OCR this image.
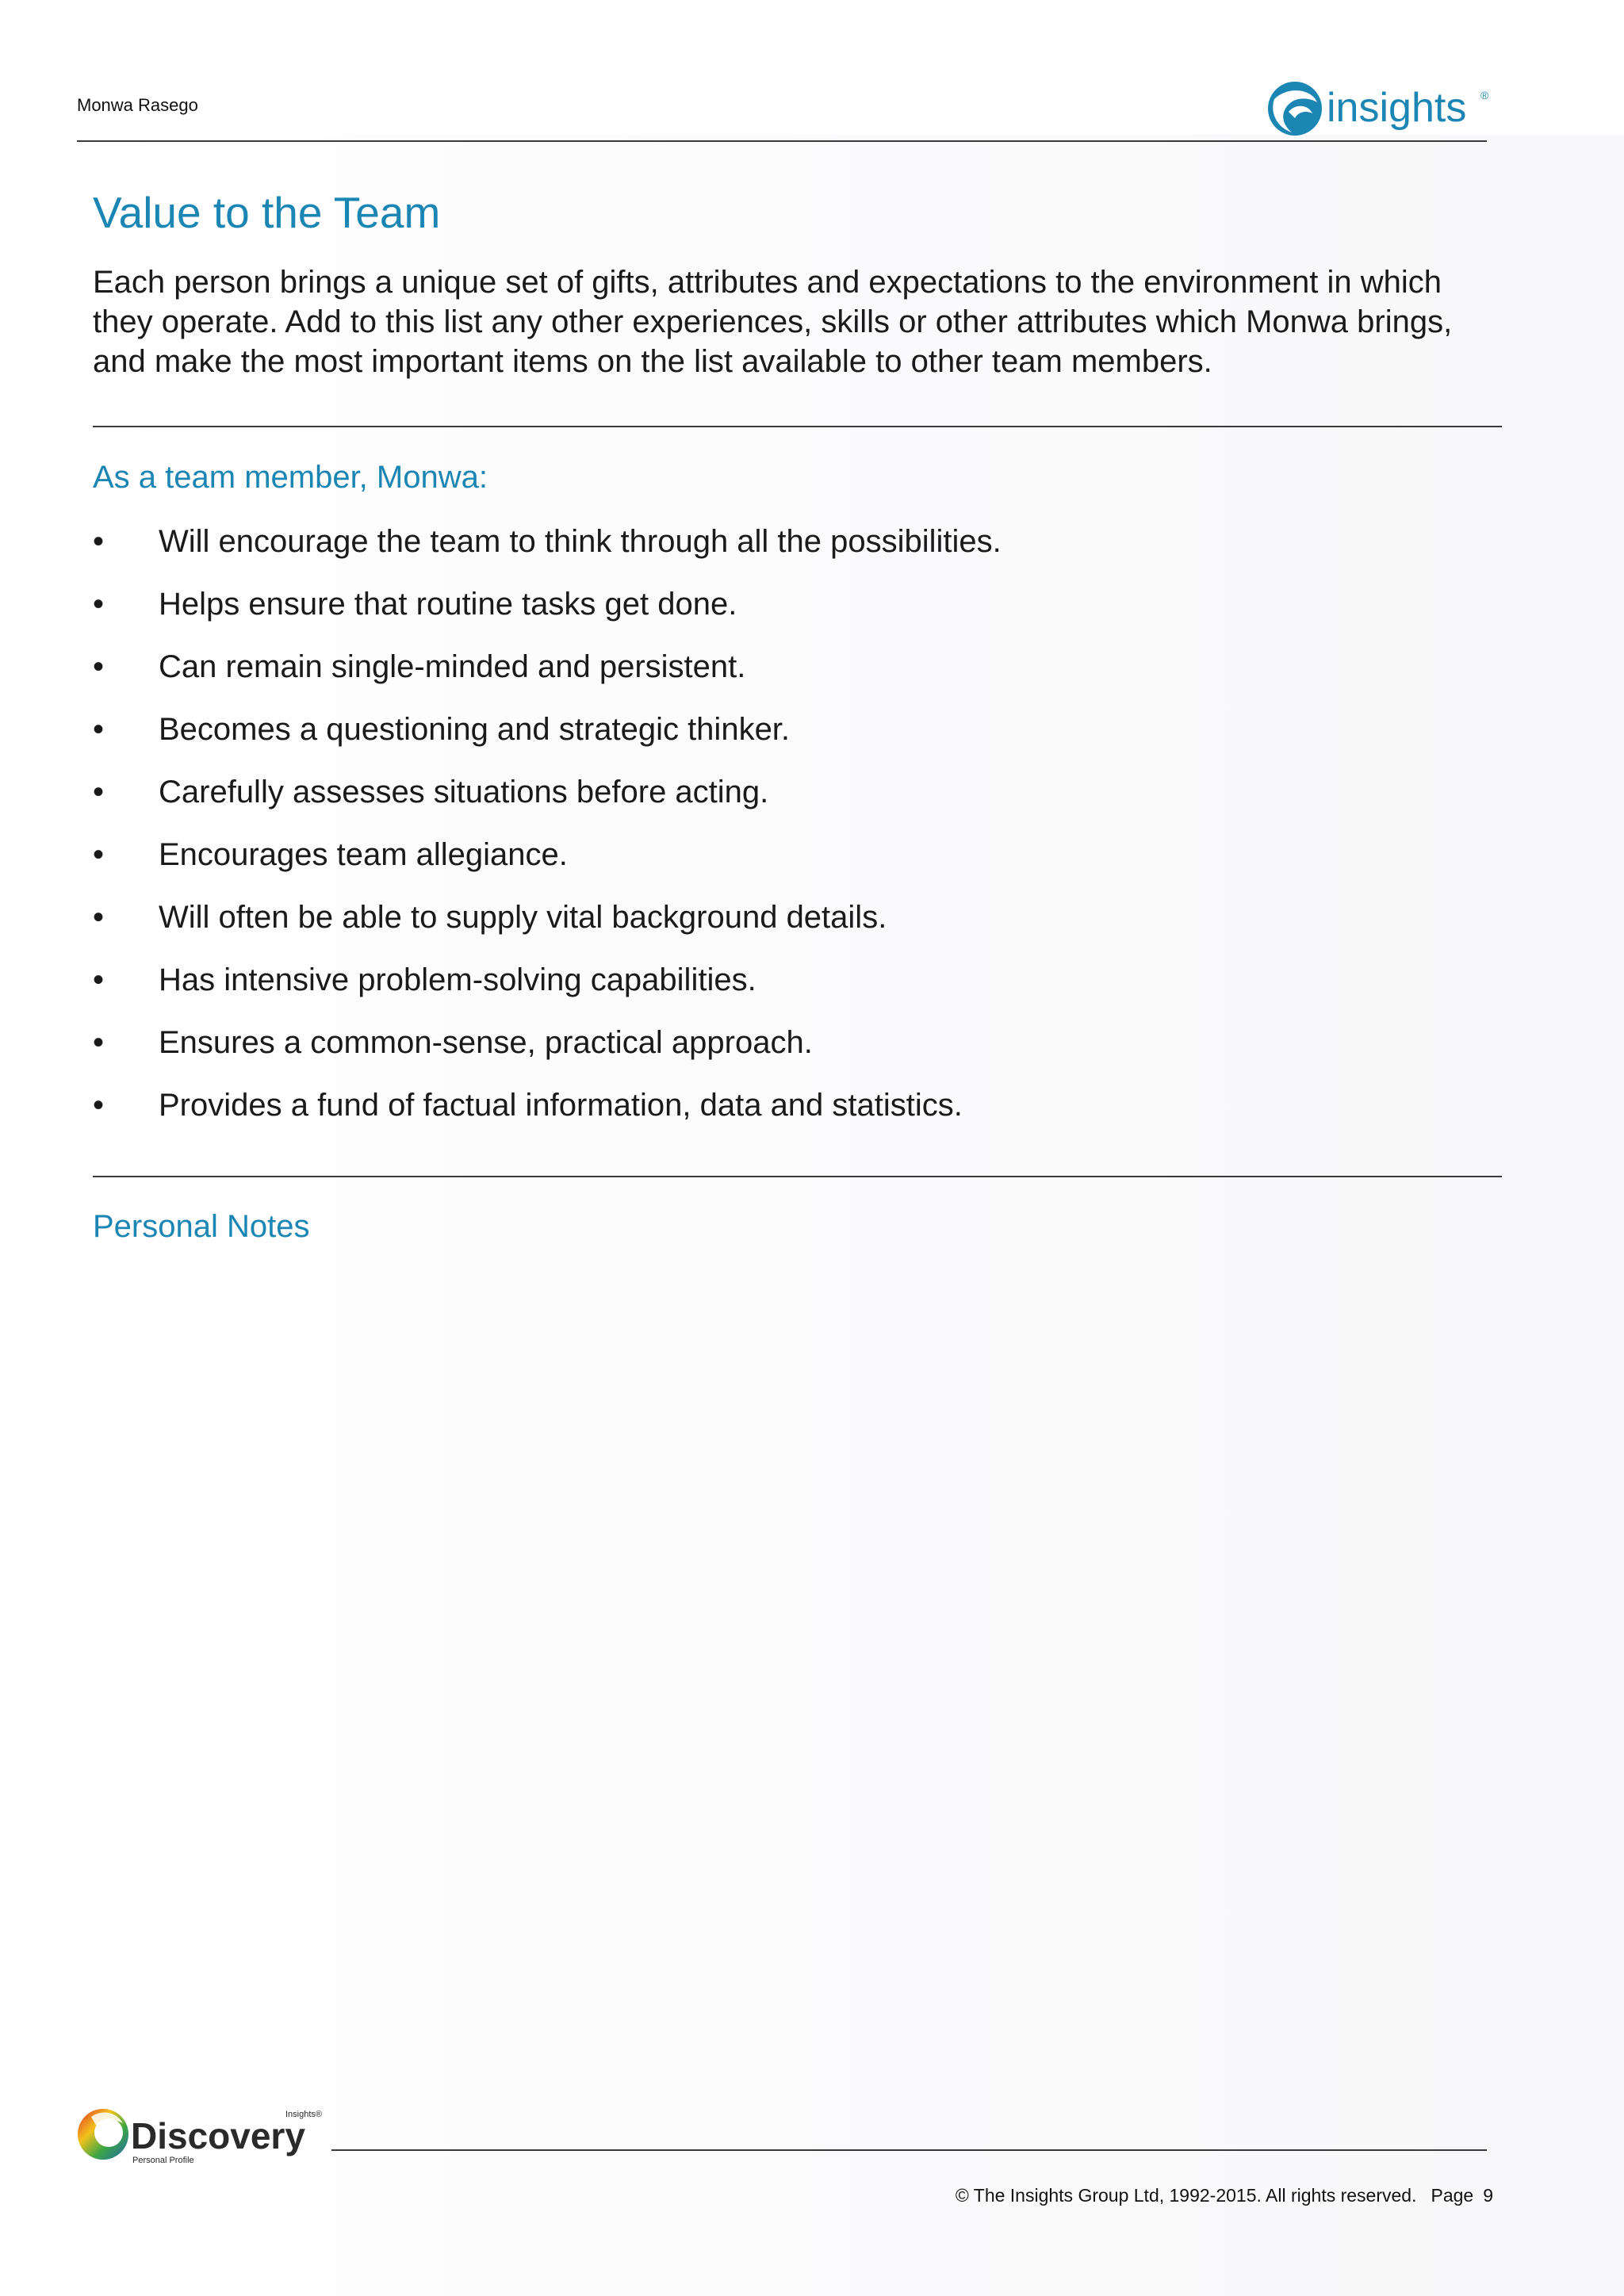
Monwa Rasego	insights ®
Value to the Team

Each person brings a unique set of gifts, attributes and expectations to the environment in which they operate. Add to this list any other experiences, skills or other attributes which Monwa brings, and make the most important items on the list available to other team members.

As a team member, Monwa:
•	Will encourage the team to think through all the possibilities.
•	Helps ensure that routine tasks get done.
•	Can remain single-minded and persistent.
•	Becomes a questioning and strategic thinker.
•	Carefully assesses situations before acting.
•	Encourages team allegiance.
•	Will often be able to supply vital background details.
•	Has intensive problem-solving capabilities.
•	Ensures a common-sense, practical approach.
•	Provides a fund of factual information, data and statistics.
Personal Notes
Discovery
Insights®
Personal Profile
© The Insights Group Ltd, 1992-2015. All rights reserved. Page 9
